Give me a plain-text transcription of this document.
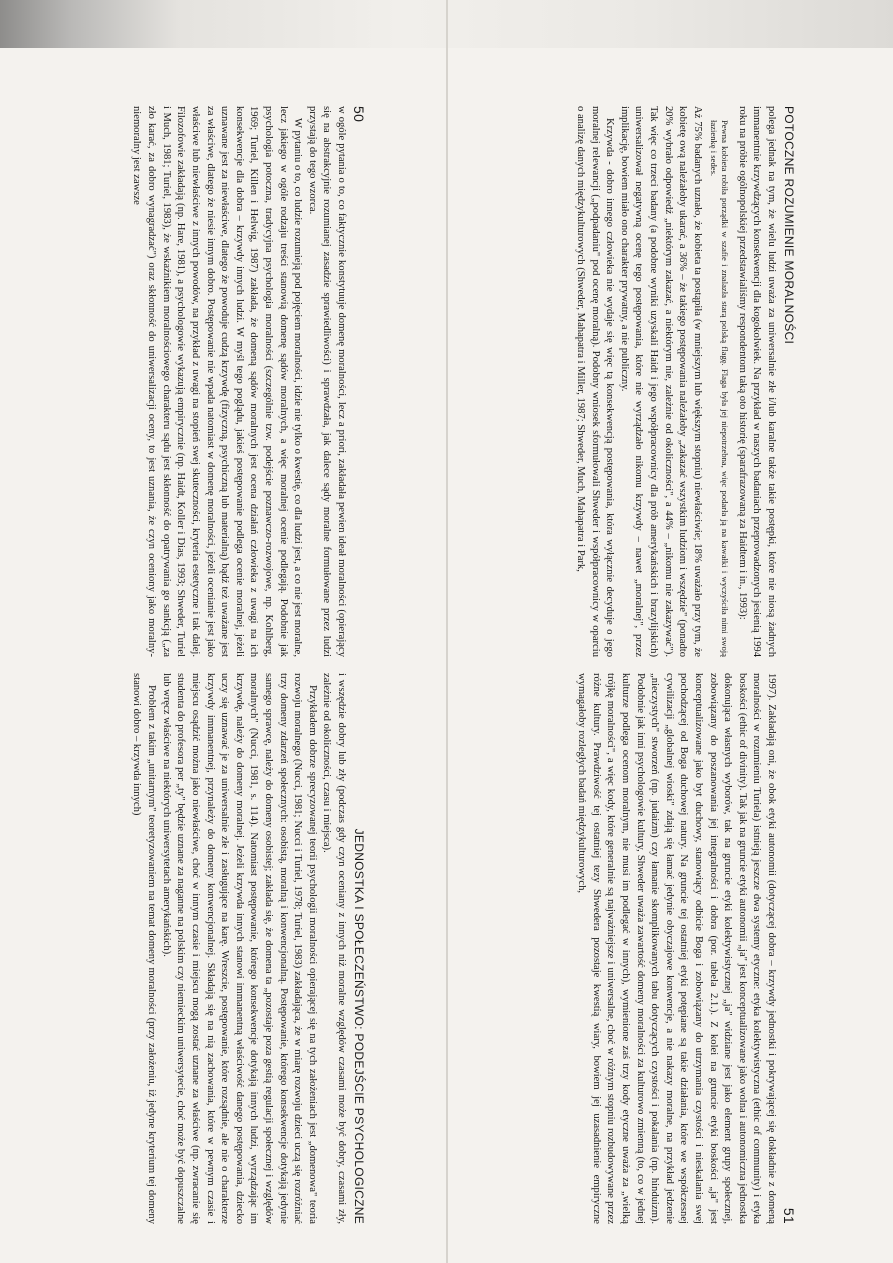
50
JEDNOSTKA I SPOŁECZEŃSTWO: PODEJŚCIE PSYCHOLOGICZNE

w ogóle pytania o to, co faktycznie konstytuuje domenę moralności, lecz a priori, zakładała pewien ideał moralności (opierający się na abstrakcyjnie rozumianej zasadzie sprawiedliwości) i sprawdzała, jak dalece sądy moralne formułowane przez ludzi przystają do tego wzorca.

W pytaniu o to, co ludzie rozumieją pod pojęciem moralności, idzie nie tylko o kwestię, co dla ludzi jest, a co nie jest moralne, lecz jakiego w ogóle rodzaju treści stanowią domenę sądów moralnych, a więc moralnej ocenie podlegają. Podobnie jak psychologia potoczna, tradycyjna psychologia moralności (szczególnie tzw. podejście poznawczo-rozwojowe, np. Kohlberg, 1969; Turiel, Killen i Helwig, 1987) zakłada, że domeną sądów moralnych jest ocena działań człowieka z uwagi na ich konsekwencje dla dobra – krzywdy innych ludzi. W myśl tego poglądu, jakieś postępowanie podlega ocenie moralnej, jeżeli uznawane jest za niewłaściwe, dlatego że powoduje cudzą krzywdę (fizyczną, psychiczną lub materialną) bądź też uważane jest za właściwe, dlatego że niesie innym dobro. Postępowanie nie wpada natomiast w domenę moralności, jeżeli ocenianie jest jako właściwe lub niewłaściwe z innych powodów, na przykład z uwagi na stopień swej skuteczności, kryteria estetyczne i tak dalej. Filozofowie zakładają (np. Hare, 1981), a psychologowie wykazują empirycznie (np. Haidt, Koller i Dias, 1993; Shweder, Turiel i Much, 1981; Turiel, 1983), że wskaźnikiem moralnościowego charakteru sądu jest skłonność do opatrywania go sankcją („za zło karać, za dobro wynagradzać") oraz skłonność do uniwersalizacji oceny, to jest uznania, że czyn oceniony jako moralny-niemoralny jest zawsze

i wszędzie dobry lub zły (podczas gdy czyn oceniany z innych niż moralne względów czasami może być dobry, czasami zły, zależnie od okoliczności, czasu i miejsca).

Przykładem dobrze sprecyzowanej teorii psychologii moralności opierającej się na tych założeniach jest „domenowa" teoria rozwoju moralnego (Nucci, 1981; Nucci i Turiel, 1978; Turiel, 1983) zakładająca, że w miarę rozwoju dzieci uczą się rozróżniać trzy domeny zdarzeń społecznych: osobistą, moralną i konwencjonalną. Postępowanie, którego konsekwencje dotykają jedynie samego sprawcę, należy do domeny osobistej; zakłada się, że domena ta „pozostaje poza gestią regulacji społecznej i względów moralnych" (Nucci, 1981, s. 114). Natomiast postępowanie, którego konsekwencje dotykają innych ludzi, wyrządzając im krzywdę, należy do domeny moralnej. Jeżeli krzywda innych stanowi immanentną właściwość danego postępowania, dziecko uczy się uznawać je za uniwersalnie złe i zasługujące na karę. Wreszcie, postępowanie, które rozsądnie, ale nie o charakterze krzywdy immanentnej, przynależy do domeny konwencjonalnej. Składają się na nią zachowania, które w pewnym czasie i miejscu osądzić można jako niewłaściwe, choć w innym czasie i miejscu mogą zostać uznane za właściwe (np. zwracanie się studenta do profesora per „ty" będzie uznane za naganne na polskim czy niemieckim uniwersytecie, choć może być dopuszczalne lub wręcz właściwe na niektórych uniwersytetach amerykańskich).

Problem z takim „unitarnym" teoretyzowaniem na temat domeny moralności (przy założeniu, iż jedyne kryterium tej domeny stanowi dobro – krzywda innych)

POTOCZNE ROZUMIENIE MORALNOŚCI
51

polega jednak na tym, że wielu ludzi uważa za uniwersalnie złe i/lub karalne także takie postępki, które nie niosą żadnych immanentnie krzywdzących konsekwencji dla kogokolwiek. Na przykład w naszych badaniach przeprowadzonych jesienią 1994 roku na próbie ogólnopolskiej przedstawialiśmy respondentom taką oto historię (sparafrazowaną za Haidtem i in., 1993):

Pewna kobieta robiła porządki w szafie i znalazła starą polską flagę. Flaga była jej niepotrzebna, więc podarła ją na kawałki i wyczyściła nimi swoją łazienkę i sedes.

Aż 75% badanych uznało, że kobieta ta postąpiła (w mniejszym lub większym stopniu) niewłaściwie; 18% uważało przy tym, że kobietę ową należałoby ukarać, a 36% – że takiego postępowania należałoby „zakazać wszystkim ludziom i wszędzie" (ponadto 20% wybrało odpowiedź „niektórym zakazać, a niektórym nie, zależnie od okoliczności", a 44% – „nikomu nie zakazywać"). Tak więc co trzeci badany (a podobne wyniki uzyskali Haidt i jego współpracownicy dla prób amerykańskich i brazylijskich) uniwersalizował negatywną ocenę tego postępowania, które nie wyrządzało nikomu krzywdy – nawet „moralnej", przez implikację, bowiem miało ono charakter prywatny, a nie publiczny.

Krzywda - dobro innego człowieka nie wydaje się więc tą konsekwencją postępowania, która wyłącznie decyduje o jego moralnej relewancji („podpadaniu" pod ocenę moralną). Podobny wniosek sformułowali Shweder i współpracownicy w oparciu o analizę danych międzykulturowych (Shweder, Mahapatra i Miller, 1987; Shweder, Much, Mahapatra i Park,

1997). Zakładają oni, że obok etyki autonomii (dotyczącej dobra – krzywdy jednostki i pokrywającej się dokładnie z domeną moralności w rozumieniu Turiela) istnieją jeszcze dwa systemy etyczne: etyka kolektywistyczna (ethic of community) i etyka boskości (ethic of divinity). Tak jak na gruncie etyki autonomii „ja" jest konceptualizowane jako wolna i autonomiczna jednostka dokonująca własnych wyborów, tak na gruncie etyki kolektywistycznej „ja" widziane jest jako element grupy społecznej, zobowiązany do poszanowania jej integralności i dobra (por. tabela 2.1.). Z kolei na gruncie etyki boskości „ja" jest konceptualizowane jako byt duchowy, stanowiący odbicie Boga i zobowiązany do utrzymania czystości i nieskalania swej pochodzącej od Boga duchowej natury. Na gruncie tej ostatniej etyki potępiane są takie działania, które we współczesnej cywilizacji „globalnej wioski" zdają się łamać jedynie obyczajowe konwencje, a nie nakazy moralne, na przykład jedzenie „nieczystych" stworzeń (np. judaizm) czy łamanie skomplikowanych tabu dotyczących czystości i pokalania (np. hinduizm). Podobnie jak inni psychologowie kultury, Shweder uważa zawartość domeny moralności za kulturowo zmienną (to, co w jednej kulturze podlega ocenom moralnym, nie musi im podlegać w innych), wymienione zaś trzy kody etyczne uważa za „wielką trójkę moralności", a więc kody, które generalnie są najważniejsze i uniwersalne, choć w różnym stopniu rozbudowywane przez różne kultury. Prawdziwość tej ostatniej tezy Shwedera pozostaje kwestią wiary, bowiem jej uzasadnienie empiryczne wymagałoby rozległych badań międzykulturowych,
